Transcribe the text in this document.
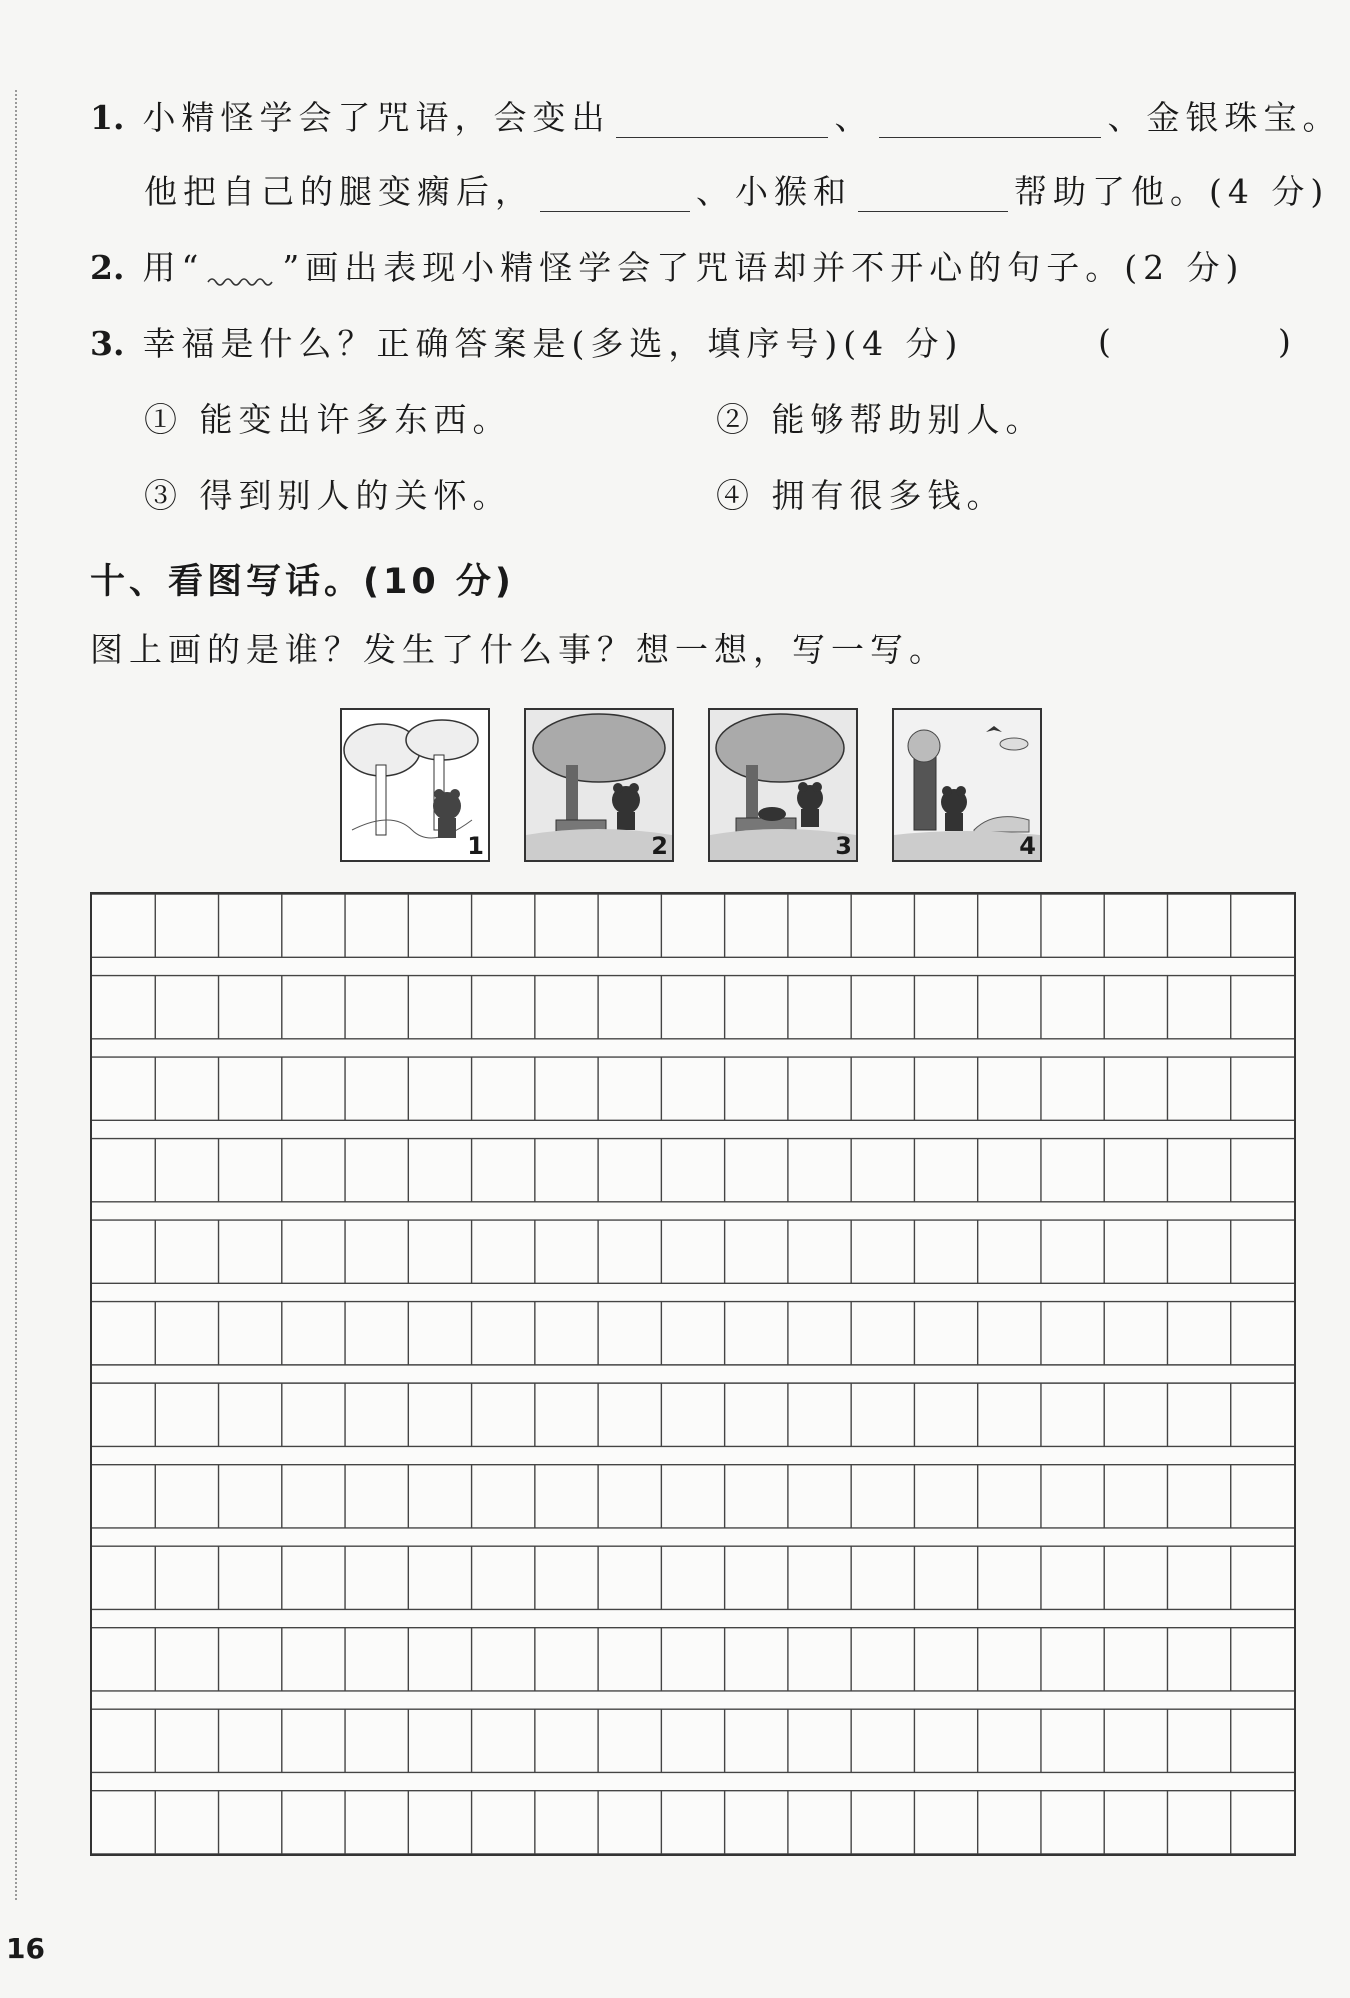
1. 小精怪学会了咒语，会变出	、	、金银珠宝。
他把自己的腿变瘸后，	、小猴和	帮助了他。(4 分)
2. 用“ ”画出表现小精怪学会了咒语却并不开心的句子。(2 分)
3. 幸福是什么？正确答案是(多选，填序号)(4 分)	(	)
① 能变出许多东西。	② 能够帮助别人。
③ 得到别人的关怀。	④ 拥有很多钱。
十、看图写话。(10 分)
图上画的是谁？发生了什么事？想一想，写一写。
1	2	3	4
16
